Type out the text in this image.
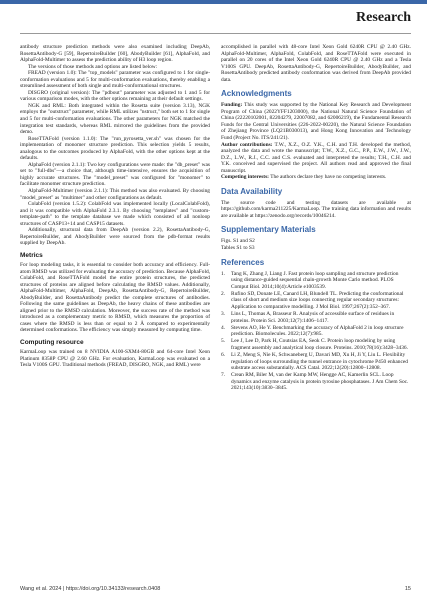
Research

antibody structure prediction methods were also examined including DeepAb, RosettaAntibody-G [59], RepertoireBuilder [60], AbodyBuilder [61], AlphaFold, and AlphaFold-Multimer to assess the prediction ability of H3 loop region.

The versions of those methods and options are listed below:

FREAD (version 1.0): The "top_models" parameter was configured to 1 for single-conformation evaluations and 5 for multi-conformation evaluations, thereby enabling a streamlined assessment of both single and multi-conformational structures.

DISGRO (original version): The "pdbout" parameter was adjusted to 1 and 5 for various comparison modes, with the other options remaining at their default settings.

NGK and RML: Both integrated within the Rosetta suite (version 3.13), NGK employs the "outstruct" parameter, while RML utilizes "nstruct," both set to 1 for single and 5 for multi-conformation evaluations. The other parameters for NGK matched the integration test standards, whereas RML mirrored the guidelines from the provided demo.

RoseTTAFold (version 1.1.0): The "run_pyrosetta_ver.sh" was chosen for the implementation of monomer structure prediction. This selection yields 5 results, analogous to the outcomes produced by AlphaFold, with the other options kept at the defaults.

AlphaFold (version 2.1.1): Two key configurations were made: the "db_preset" was set to "full-dbs"—a choice that, although time-intensive, ensures the acquisition of highly accurate structures. The "model_preset" was configured for "monomer" to facilitate monomer structure prediction.

AlphaFold-Multimer (version 2.1.1): This method was also evaluated. By choosing "model_preset" as "multimer" and other configurations as default.

ColabFold (version 1.5.2): ColabFold was implemented locally (LocalColabFold), and it was compatible with AlphaFold 2.3.1. By choosing "templates" and "custom-template-path" to the template database we made which consisted of all nonloop structures of CASP13+14 and CASP15 datasets.

Additionally, structural data from DeepAb (version 2.2), RosettaAntibody-G, RepertoireBuilder, and AbodyBuilder were sourced from the pdb-format results supplied by DeepAb.

Metrics

For loop modeling tasks, it is essential to consider both accuracy and efficiency. Full-atom RMSD was utilized for evaluating the accuracy of prediction. Because AlphaFold, ColabFold, and RoseTTAFold model the entire protein structures, the predicted structures of proteins are aligned before calculating the RMSD values. Additionally, AlphaFold-Multimer, AlphaFold, DeepAb, RosettaAntibody-G, RepertoireBuilder, AbodyBuilder, and RosettaAntibody predict the complete structures of antibodies. Following the same guidelines as DeepAb, the heavy chains of these antibodies are aligned prior to the RMSD calculation. Moreover, the success rate of the method was introduced as a complementary metric to RMSD, which measures the proportion of cases where the RMSD is less than or equal to 2 Å compared to experimentally determined conformations. The efficiency was simply measured by computing time.

Computing resource

KarmaLoop was trained on 8 NVIDIA A100-SXM4-80GB and 64-core Intel Xeon Platinum 8358P CPU @ 2.60 GHz. For evaluation, KarmaLoop was evaluated on a Tesla V100S GPU. Traditional methods (FREAD, DISGRO, NGK, and RML) were

accomplished in parallel with 48-core Intel Xeon Gold 6240R CPU @ 2.40 GHz. AlphaFold-Multimer, AlphaFold, ColabFold, and RoseTTAFold were executed in parallel on 20 cores of the Intel Xeon Gold 6240R CPU @ 2.40 GHz and a Tesla V100S GPU. DeepAb, RosettaAntibody-G, RepertoireBuilder, AbodyBuilder, and RosettaAntibody predicted antibody conformation was derived from DeepAb provided data.

Acknowledgments

Funding: This study was supported by the National Key Research and Development Program of China (2022YFF1203000), the National Natural Science Foundation of China (22220102001, 82204279, 22007082, and 62006219), the Fundamental Research Funds for the Central Universities (226-2022-00220), the Natural Science Foundation of Zhejiang Province (LQ21B030013), and Hong Kong Innovation and Technology Fund (Project No. ITS/241/21).

Author contributions: T.W., X.Z., O.Z. Y.K., C.H. and T.H. developed the method, analyzed the data and wrote the manuscript; T.W., X.Z., G.C., P.P., E.W., J.W., J.W., D.Z., L.W., R.J., C.C. and C.S. evaluated and interpreted the results; T.H., C.H. and Y.K. conceived and supervised the project. All authors read and approved the final manuscript.

Competing interests: The authors declare they have no competing interests.

Data Availability

The source code and testing datasets are available at https://github.com/karma211225/KarmaLoop. The training data information and results are available at https://zenodo.org/records/10046214.

Supplementary Materials

Figs. S1 and S2

Tables S1 to S3

References
1. Tang K, Zhang J, Liang J. Fast protein loop sampling and structure prediction using distance-guided sequential chain-growth Monte Carlo method. PLOS Comput Biol. 2014;10(4):Article e1003539.
2. Rufino SD, Donate LE, Canard LH, Blundell TL. Predicting the conformational class of short and medium size loops connecting regular secondary structures: Application to comparative modelling. J Mol Biol. 1997;267(2):352–367.
3. Lins L, Thomas A, Brasseur R. Analysis of accessible surface of residues in proteins. Protein Sci. 2003;12(7):1406–1417.
4. Stevens AO, He Y. Benchmarking the accuracy of AlphaFold 2 in loop structure prediction. Biomolecules. 2022;12(7):985.
5. Lee J, Lee D, Park H, Coutsias EA, Seok C. Protein loop modeling by using fragment assembly and analytical loop closure. Proteins. 2010;78(16):3428–3436.
6. Li Z, Meng S, Nie K, Schwaneberg U, Davari MD, Xu H, Ji Y, Liu L. Flexibility regulation of loops surrounding the tunnel entrance in cytochrome P450 enhanced substrate access substantially. ACS Catal. 2022;12(20):12800–12808.
7. Crean RM, Biler M, van der Kamp MW, Hengge AC, Kamerlin SCL. Loop dynamics and enzyme catalysis in protein tyrosine phosphatases. J Am Chem Soc. 2021;143(10):3830–3845.
Wang et al. 2024 | https://doi.org/10.34133/research.0408	15
